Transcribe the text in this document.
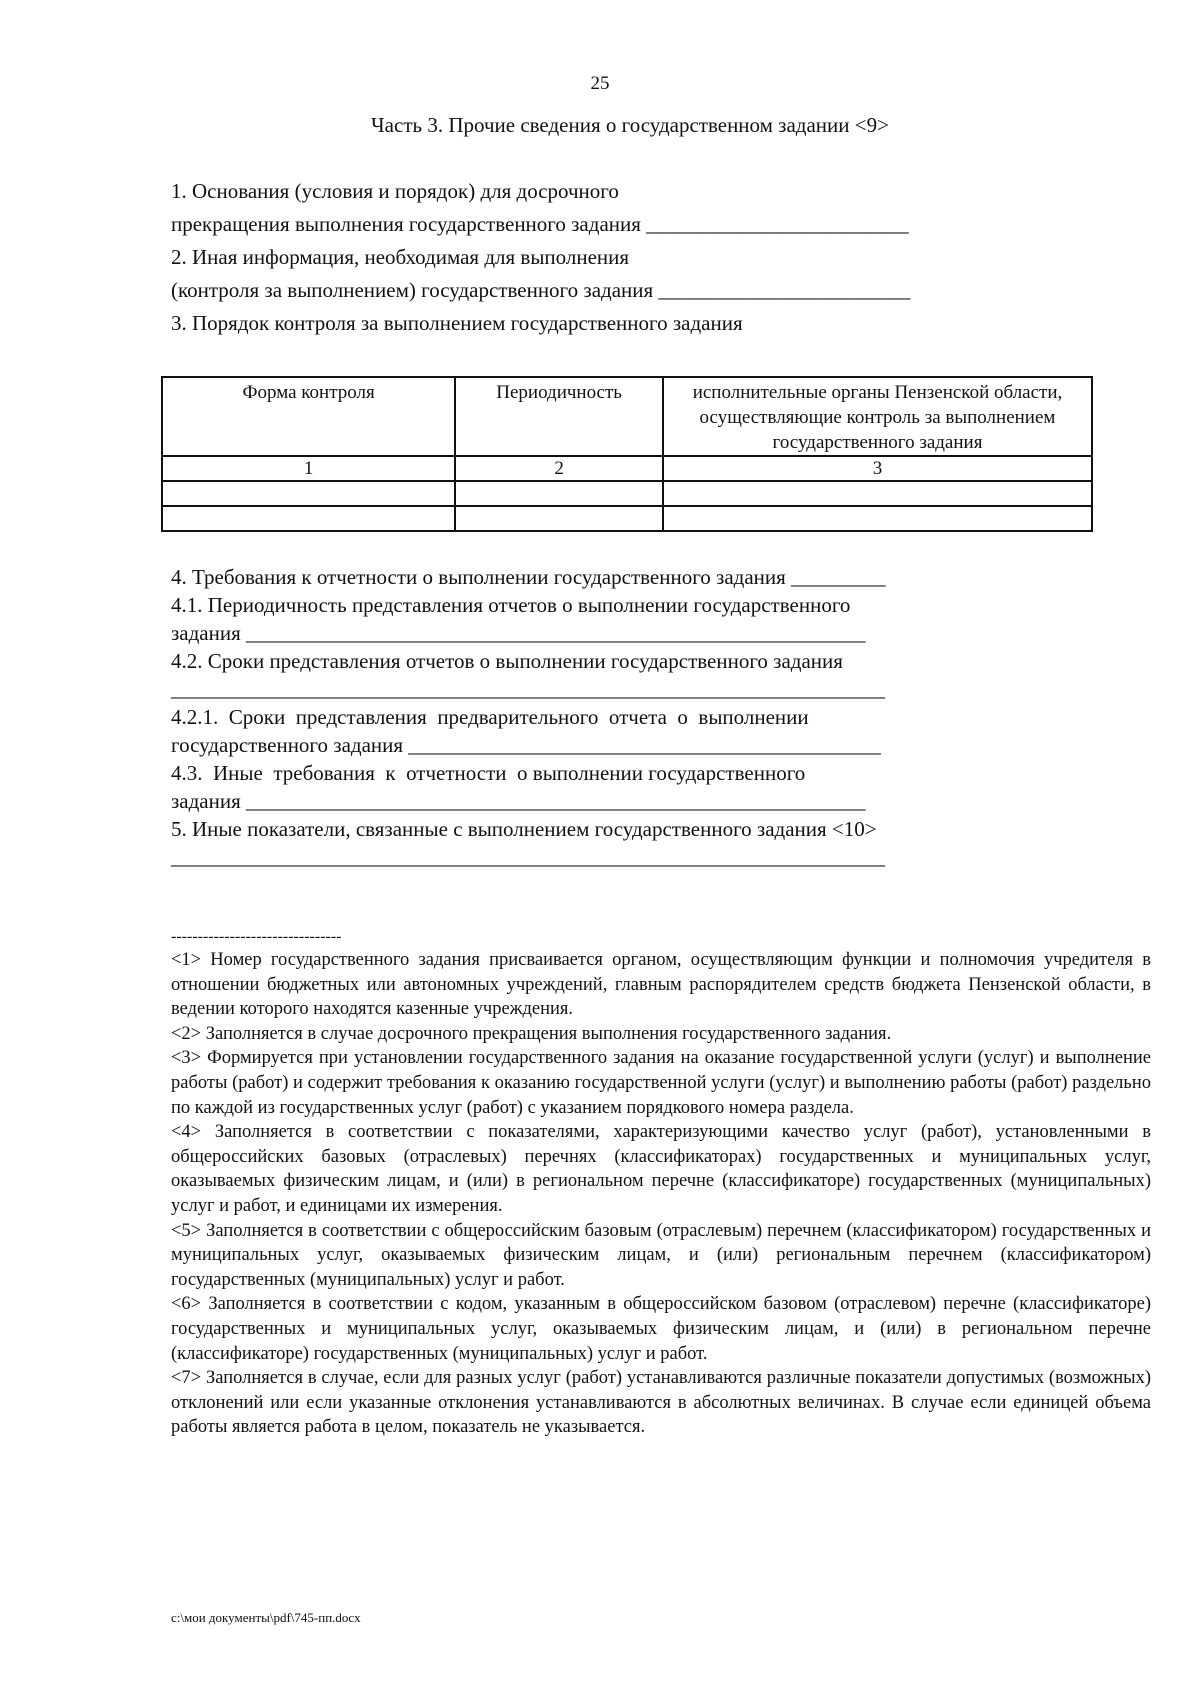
25
Часть 3. Прочие сведения о государственном задании <9>

1. Основания (условия и порядок) для досрочного

прекращения выполнения государственного задания _________________________

2. Иная информация, необходимая для выполнения

(контроля за выполнением) государственного задания ________________________

3. Порядок контроля за выполнением государственного задания

Форма контроля	Периодичность	исполнительные органы Пензенской области, осуществляющие контроль за выполнением государственного задания
1	2	3

4. Требования к отчетности о выполнении государственного задания _________

4.1. Периодичность представления отчетов о выполнении государственного

задания ___________________________________________________________

4.2. Сроки представления отчетов о выполнении государственного задания

____________________________________________________________________

4.2.1.  Сроки  представления  предварительного  отчета  о  выполнении

государственного задания _____________________________________________

4.3.  Иные  требования  к  отчетности  о выполнении государственного

задания ___________________________________________________________

5. Иные показатели, связанные с выполнением государственного задания <10>

____________________________________________________________________

--------------------------------

<1> Номер государственного задания присваивается органом, осуществляющим функции и полномочия учредителя в отношении бюджетных или автономных учреждений, главным распорядителем средств бюджета Пензенской области, в ведении которого находятся казенные учреждения.

<2> Заполняется в случае досрочного прекращения выполнения государственного задания.

<3> Формируется при установлении государственного задания на оказание государственной услуги (услуг) и выполнение работы (работ) и содержит требования к оказанию государственной услуги (услуг) и выполнению работы (работ) раздельно по каждой из государственных услуг (работ) с указанием порядкового номера раздела.

<4> Заполняется в соответствии с показателями, характеризующими качество услуг (работ), установленными в общероссийских базовых (отраслевых) перечнях (классификаторах) государственных и муниципальных услуг, оказываемых физическим лицам, и (или) в региональном перечне (классификаторе) государственных (муниципальных) услуг и работ, и единицами их измерения.

<5> Заполняется в соответствии с общероссийским базовым (отраслевым) перечнем (классификатором) государственных и муниципальных услуг, оказываемых физическим лицам, и (или) региональным перечнем (классификатором) государственных (муниципальных) услуг и работ.

<6> Заполняется в соответствии с кодом, указанным в общероссийском базовом (отраслевом) перечне (классификаторе) государственных и муниципальных услуг, оказываемых физическим лицам, и (или) в региональном перечне (классификаторе) государственных (муниципальных) услуг и работ.

<7> Заполняется в случае, если для разных услуг (работ) устанавливаются различные показатели допустимых (возможных) отклонений или если указанные отклонения устанавливаются в абсолютных величинах. В случае если единицей объема работы является работа в целом, показатель не указывается.

c:\мои документы\pdf\745-пп.docx
